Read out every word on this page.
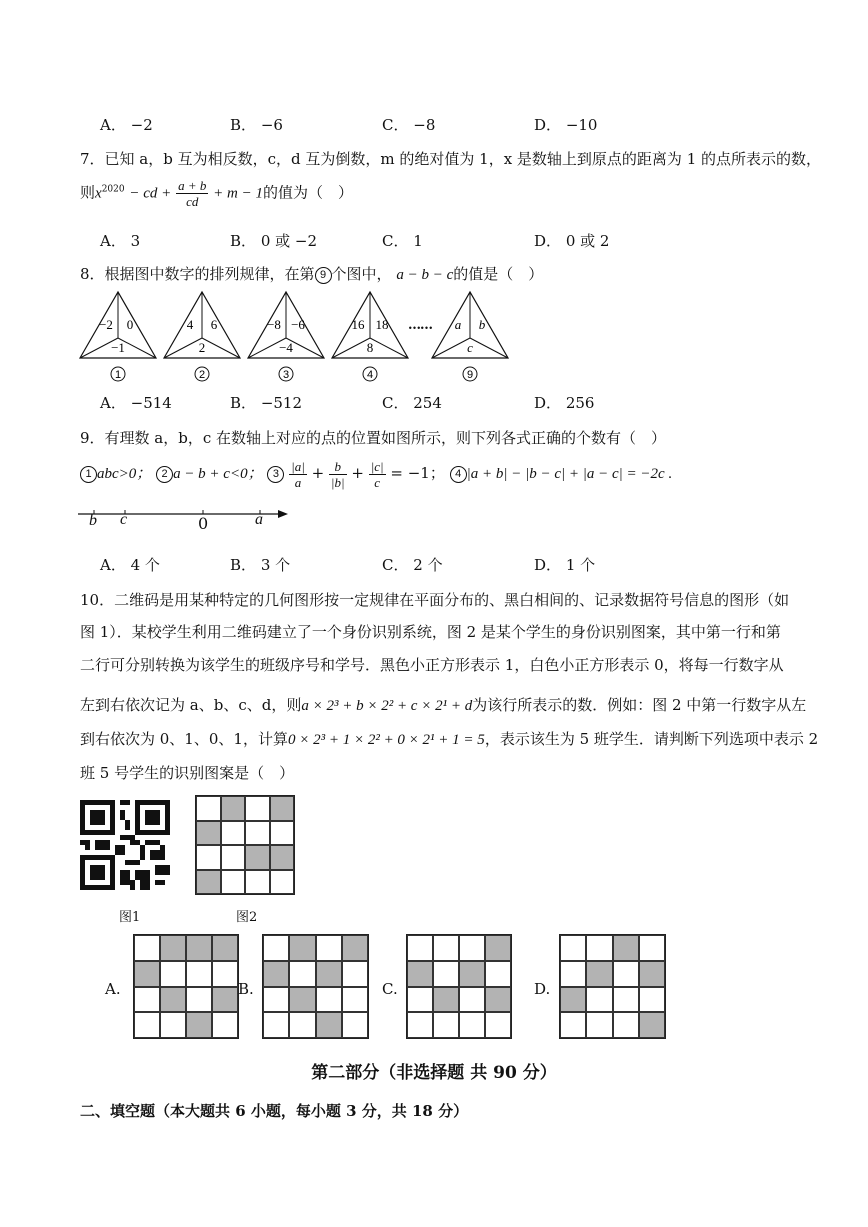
A． −2	B． −6	C． −8	D． −10
7．已知 a，b 互为相反数，c，d 互为倒数，m 的绝对值为 1，x 是数轴上到原点的距离为 1 的点所表示的数，
则$x^{2020}$ − cd + $\frac{a + b}{cd} + m - 1$的值为（　）
A． 3	B． 0 或 −2	C． 1	D． 0 或 2
8．根据图中数字的排列规律，在第 9 个图中， a − b − c的值是（　）
−2 0
−1
1
4 6
2
2
−8 −6
−4
3
16 18
8
4
a b
c
9
……
A． −514	B． −512	C． 254	D． 256
9．有理数 a，b，c 在数轴上对应的点的位置如图所示，则下列各式正确的个数有（　）
1 abc>0； 2 a − b + c<0； $3 \frac{|a|}{a} + \frac{b}{|b|} + \frac{|c|}{c} = -1$； 4 |a + b| − |b − c| + |a − c| = −2c .
b c	0	a
A． 4 个	B． 3 个	C． 2 个	D． 1 个
10．二维码是用某种特定的几何图形按一定规律在平面分布的、黑白相间的、记录数据符号信息的图形（如
图 1）．某校学生利用二维码建立了一个身份识别系统，图 2 是某个学生的身份识别图案，其中第一行和第
二行可分别转换为该学生的班级序号和学号．黑色小正方形表示 1，白色小正方形表示 0，将每一行数字从
左到右依次记为 a、b、c、d，则a × 2³ + b × 2² + c × 2¹ + d为该行所表示的数．例如：图 2 中第一行数字从左
到右依次为 0、1、0、1，计算0 × 2³ + 1 × 2² + 0 × 2¹ + 1 = 5，表示该生为 5 班学生．请判断下列选项中表示 2
班 5 号学生的识别图案是（　）
图1	图2
A.	B.	C.	D.
第二部分（非选择题 共 90 分）
二、填空题（本大题共 6 小题，每小题 3 分，共 18 分）
